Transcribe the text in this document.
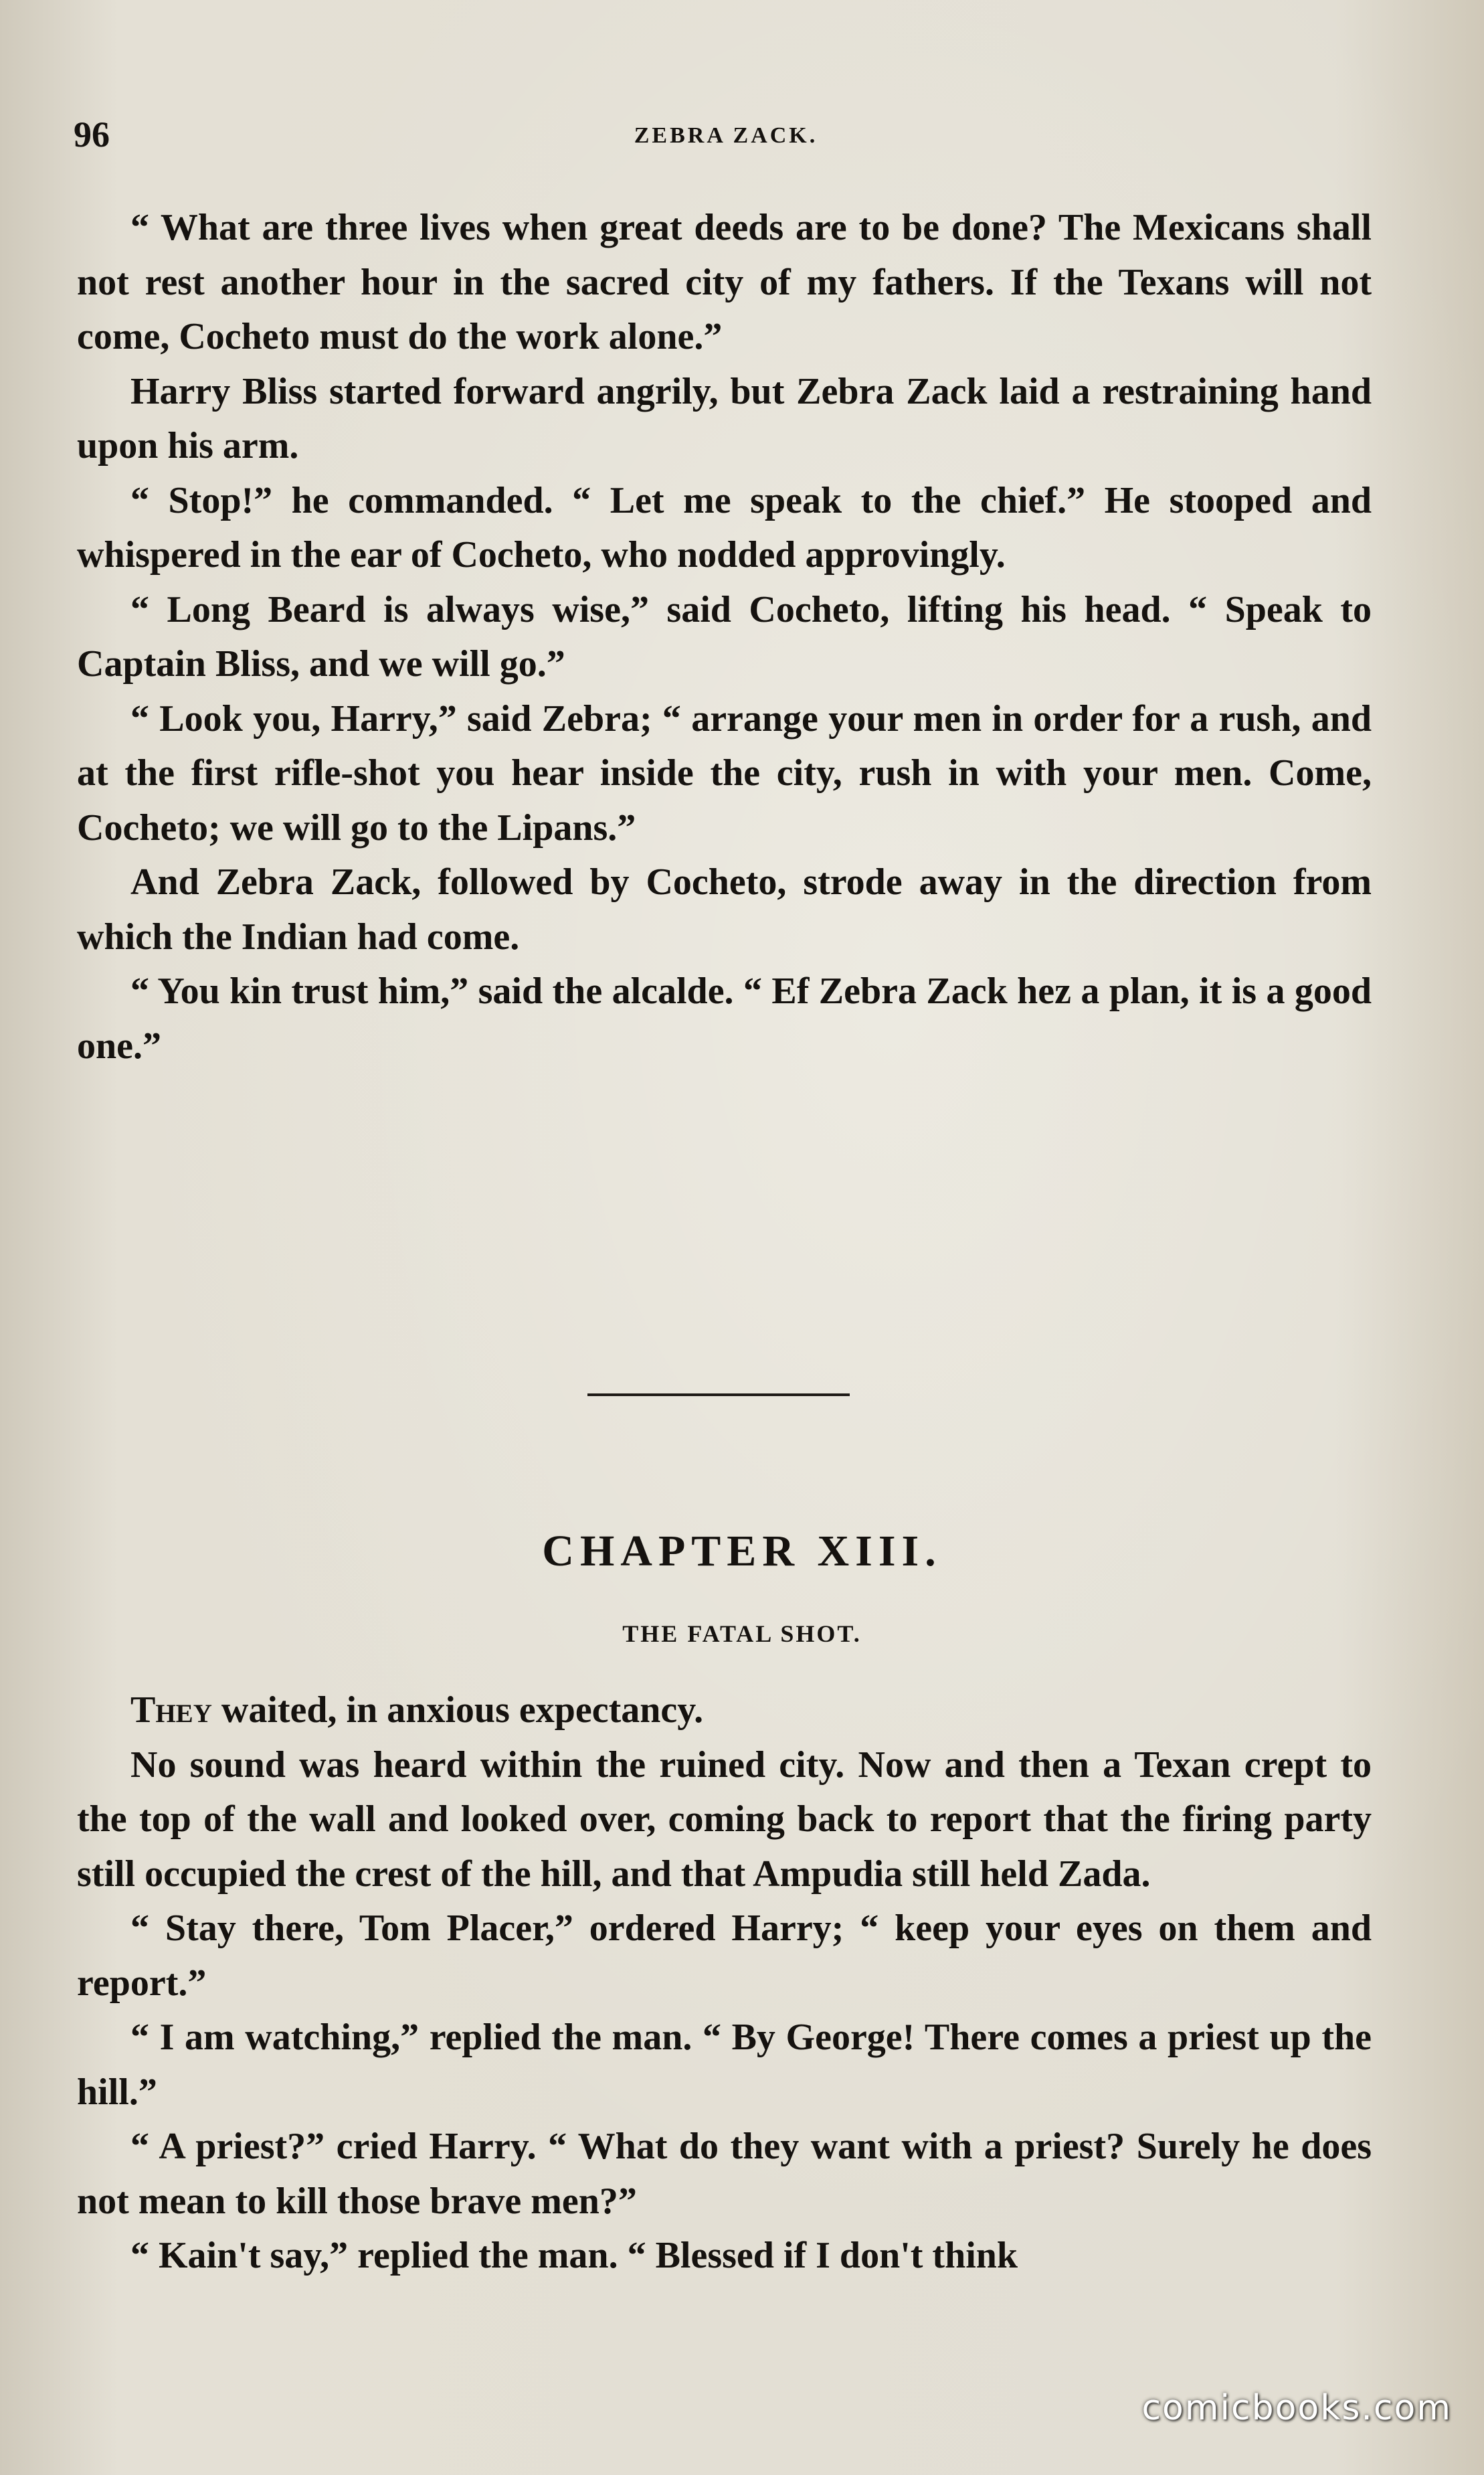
96	ZEBRA ZACK.

“ What are three lives when great deeds are to be done? The Mexicans shall not rest another hour in the sacred city of my fathers. If the Texans will not come, Cocheto must do the work alone.”

Harry Bliss started forward angrily, but Zebra Zack laid a restraining hand upon his arm.

“ Stop!” he commanded. “ Let me speak to the chief.” He stooped and whispered in the ear of Cocheto, who nodded approvingly.

“ Long Beard is always wise,” said Cocheto, lifting his head. “ Speak to Captain Bliss, and we will go.”

“ Look you, Harry,” said Zebra; “ arrange your men in order for a rush, and at the first rifle-shot you hear inside the city, rush in with your men. Come, Cocheto; we will go to the Lipans.”

And Zebra Zack, followed by Cocheto, strode away in the direction from which the Indian had come.

“ You kin trust him,” said the alcalde. “ Ef Zebra Zack hez a plan, it is a good one.”

CHAPTER XIII.
THE FATAL SHOT.

They waited, in anxious expectancy.

No sound was heard within the ruined city. Now and then a Texan crept to the top of the wall and looked over, coming back to report that the firing party still occupied the crest of the hill, and that Ampudia still held Zada.

“ Stay there, Tom Placer,” ordered Harry; “ keep your eyes on them and report.”

“ I am watching,” replied the man. “ By George! There comes a priest up the hill.”

“ A priest?” cried Harry. “ What do they want with a priest? Surely he does not mean to kill those brave men?”

“ Kain't say,” replied the man. “ Blessed if I don't think

comicbooks.com
